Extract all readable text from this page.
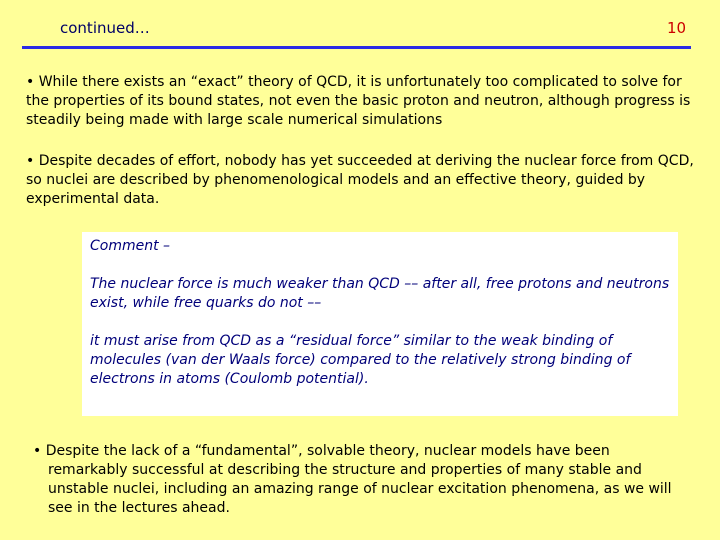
continued…	10
• While there exists an “exact” theory of QCD, it is unfortunately too complicated to solve for the properties of its bound states, not even the basic proton and neutron, although progress is steadily being made with large scale numerical simulations
• Despite decades of effort, nobody has yet succeeded at deriving the nuclear force from QCD, so nuclei are described by phenomenological models and an effective theory, guided by experimental data.
Comment –
The nuclear force is much weaker than QCD –– after all, free protons and neutrons exist, while free quarks do not ––
it must arise from QCD as a “residual force” similar to the weak binding of molecules (van der Waals force) compared to the relatively strong binding of electrons in atoms (Coulomb potential).
• Despite the lack of a “fundamental”, solvable theory, nuclear models have been
remarkably successful at describing the structure and properties of many stable and unstable nuclei, including an amazing range of nuclear excitation phenomena, as we will see in the lectures ahead.
